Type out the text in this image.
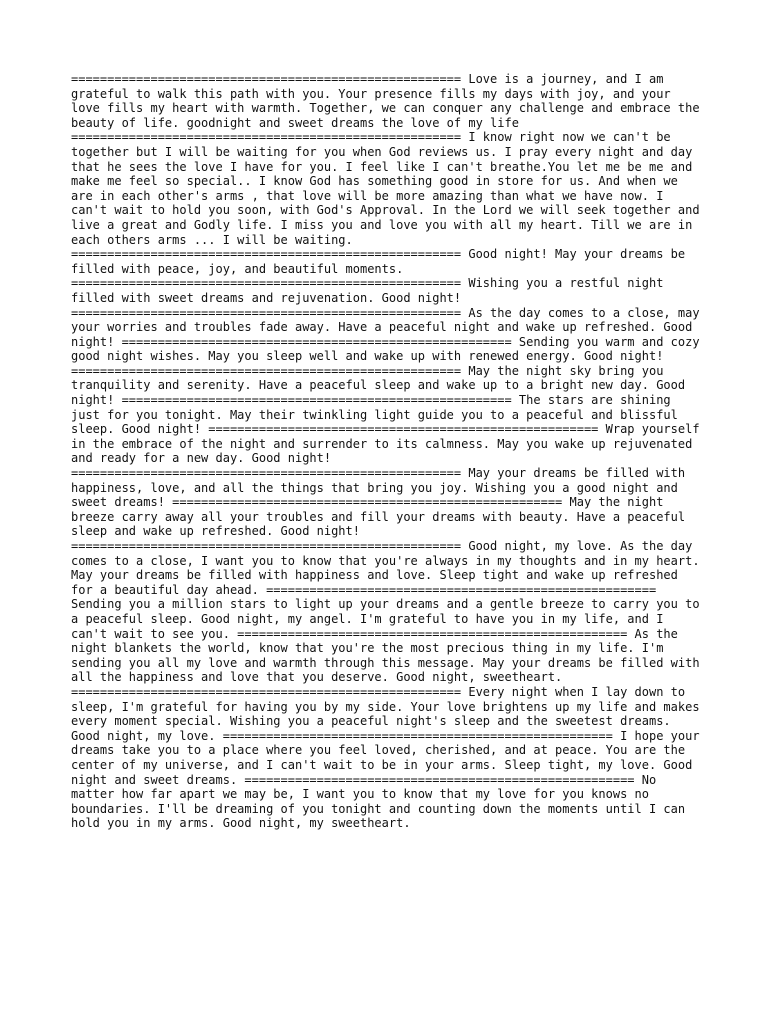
====================================================== Love is a journey, and I am grateful to walk this path with you. Your presence fills my days with joy, and your love fills my heart with warmth. Together, we can conquer any challenge and embrace the beauty of life. goodnight and sweet dreams the love of my life ====================================================== I know right now we can't be together but I will be waiting for you when God reviews us. I pray every night and day that he sees the love I have for you. I feel like I can't breathe.You let me be me and make me feel so special.. I know God has something good in store for us. And when we are in each other's arms , that love will be more amazing than what we have now. I can't wait to hold you soon, with God's Approval. In the Lord we will seek together and live a great and Godly life. I miss you and love you with all my heart. Till we are in each others arms ... I will be waiting. ====================================================== Good night! May your dreams be filled with peace, joy, and beautiful moments. ====================================================== Wishing you a restful night filled with sweet dreams and rejuvenation. Good night! ====================================================== As the day comes to a close, may your worries and troubles fade away. Have a peaceful night and wake up refreshed. Good night! ====================================================== Sending you warm and cozy good night wishes. May you sleep well and wake up with renewed energy. Good night! ====================================================== May the night sky bring you tranquility and serenity. Have a peaceful sleep and wake up to a bright new day. Good night! ====================================================== The stars are shining just for you tonight. May their twinkling light guide you to a peaceful and blissful sleep. Good night! ====================================================== Wrap yourself in the embrace of the night and surrender to its calmness. May you wake up rejuvenated and ready for a new day. Good night! ====================================================== May your dreams be filled with happiness, love, and all the things that bring you joy. Wishing you a good night and sweet dreams! ====================================================== May the night breeze carry away all your troubles and fill your dreams with beauty. Have a peaceful sleep and wake up refreshed. Good night! ====================================================== Good night, my love. As the day comes to a close, I want you to know that you're always in my thoughts and in my heart. May your dreams be filled with happiness and love. Sleep tight and wake up refreshed for a beautiful day ahead. ====================================================== Sending you a million stars to light up your dreams and a gentle breeze to carry you to a peaceful sleep. Good night, my angel. I'm grateful to have you in my life, and I can't wait to see you. ====================================================== As the night blankets the world, know that you're the most precious thing in my life. I'm sending you all my love and warmth through this message. May your dreams be filled with all the happiness and love that you deserve. Good night, sweetheart. ====================================================== Every night when I lay down to sleep, I'm grateful for having you by my side. Your love brightens up my life and makes every moment special. Wishing you a peaceful night's sleep and the sweetest dreams. Good night, my love. ====================================================== I hope your dreams take you to a place where you feel loved, cherished, and at peace. You are the center of my universe, and I can't wait to be in your arms. Sleep tight, my love. Good night and sweet dreams. ====================================================== No matter how far apart we may be, I want you to know that my love for you knows no boundaries. I'll be dreaming of you tonight and counting down the moments until I can hold you in my arms. Good night, my sweetheart.
